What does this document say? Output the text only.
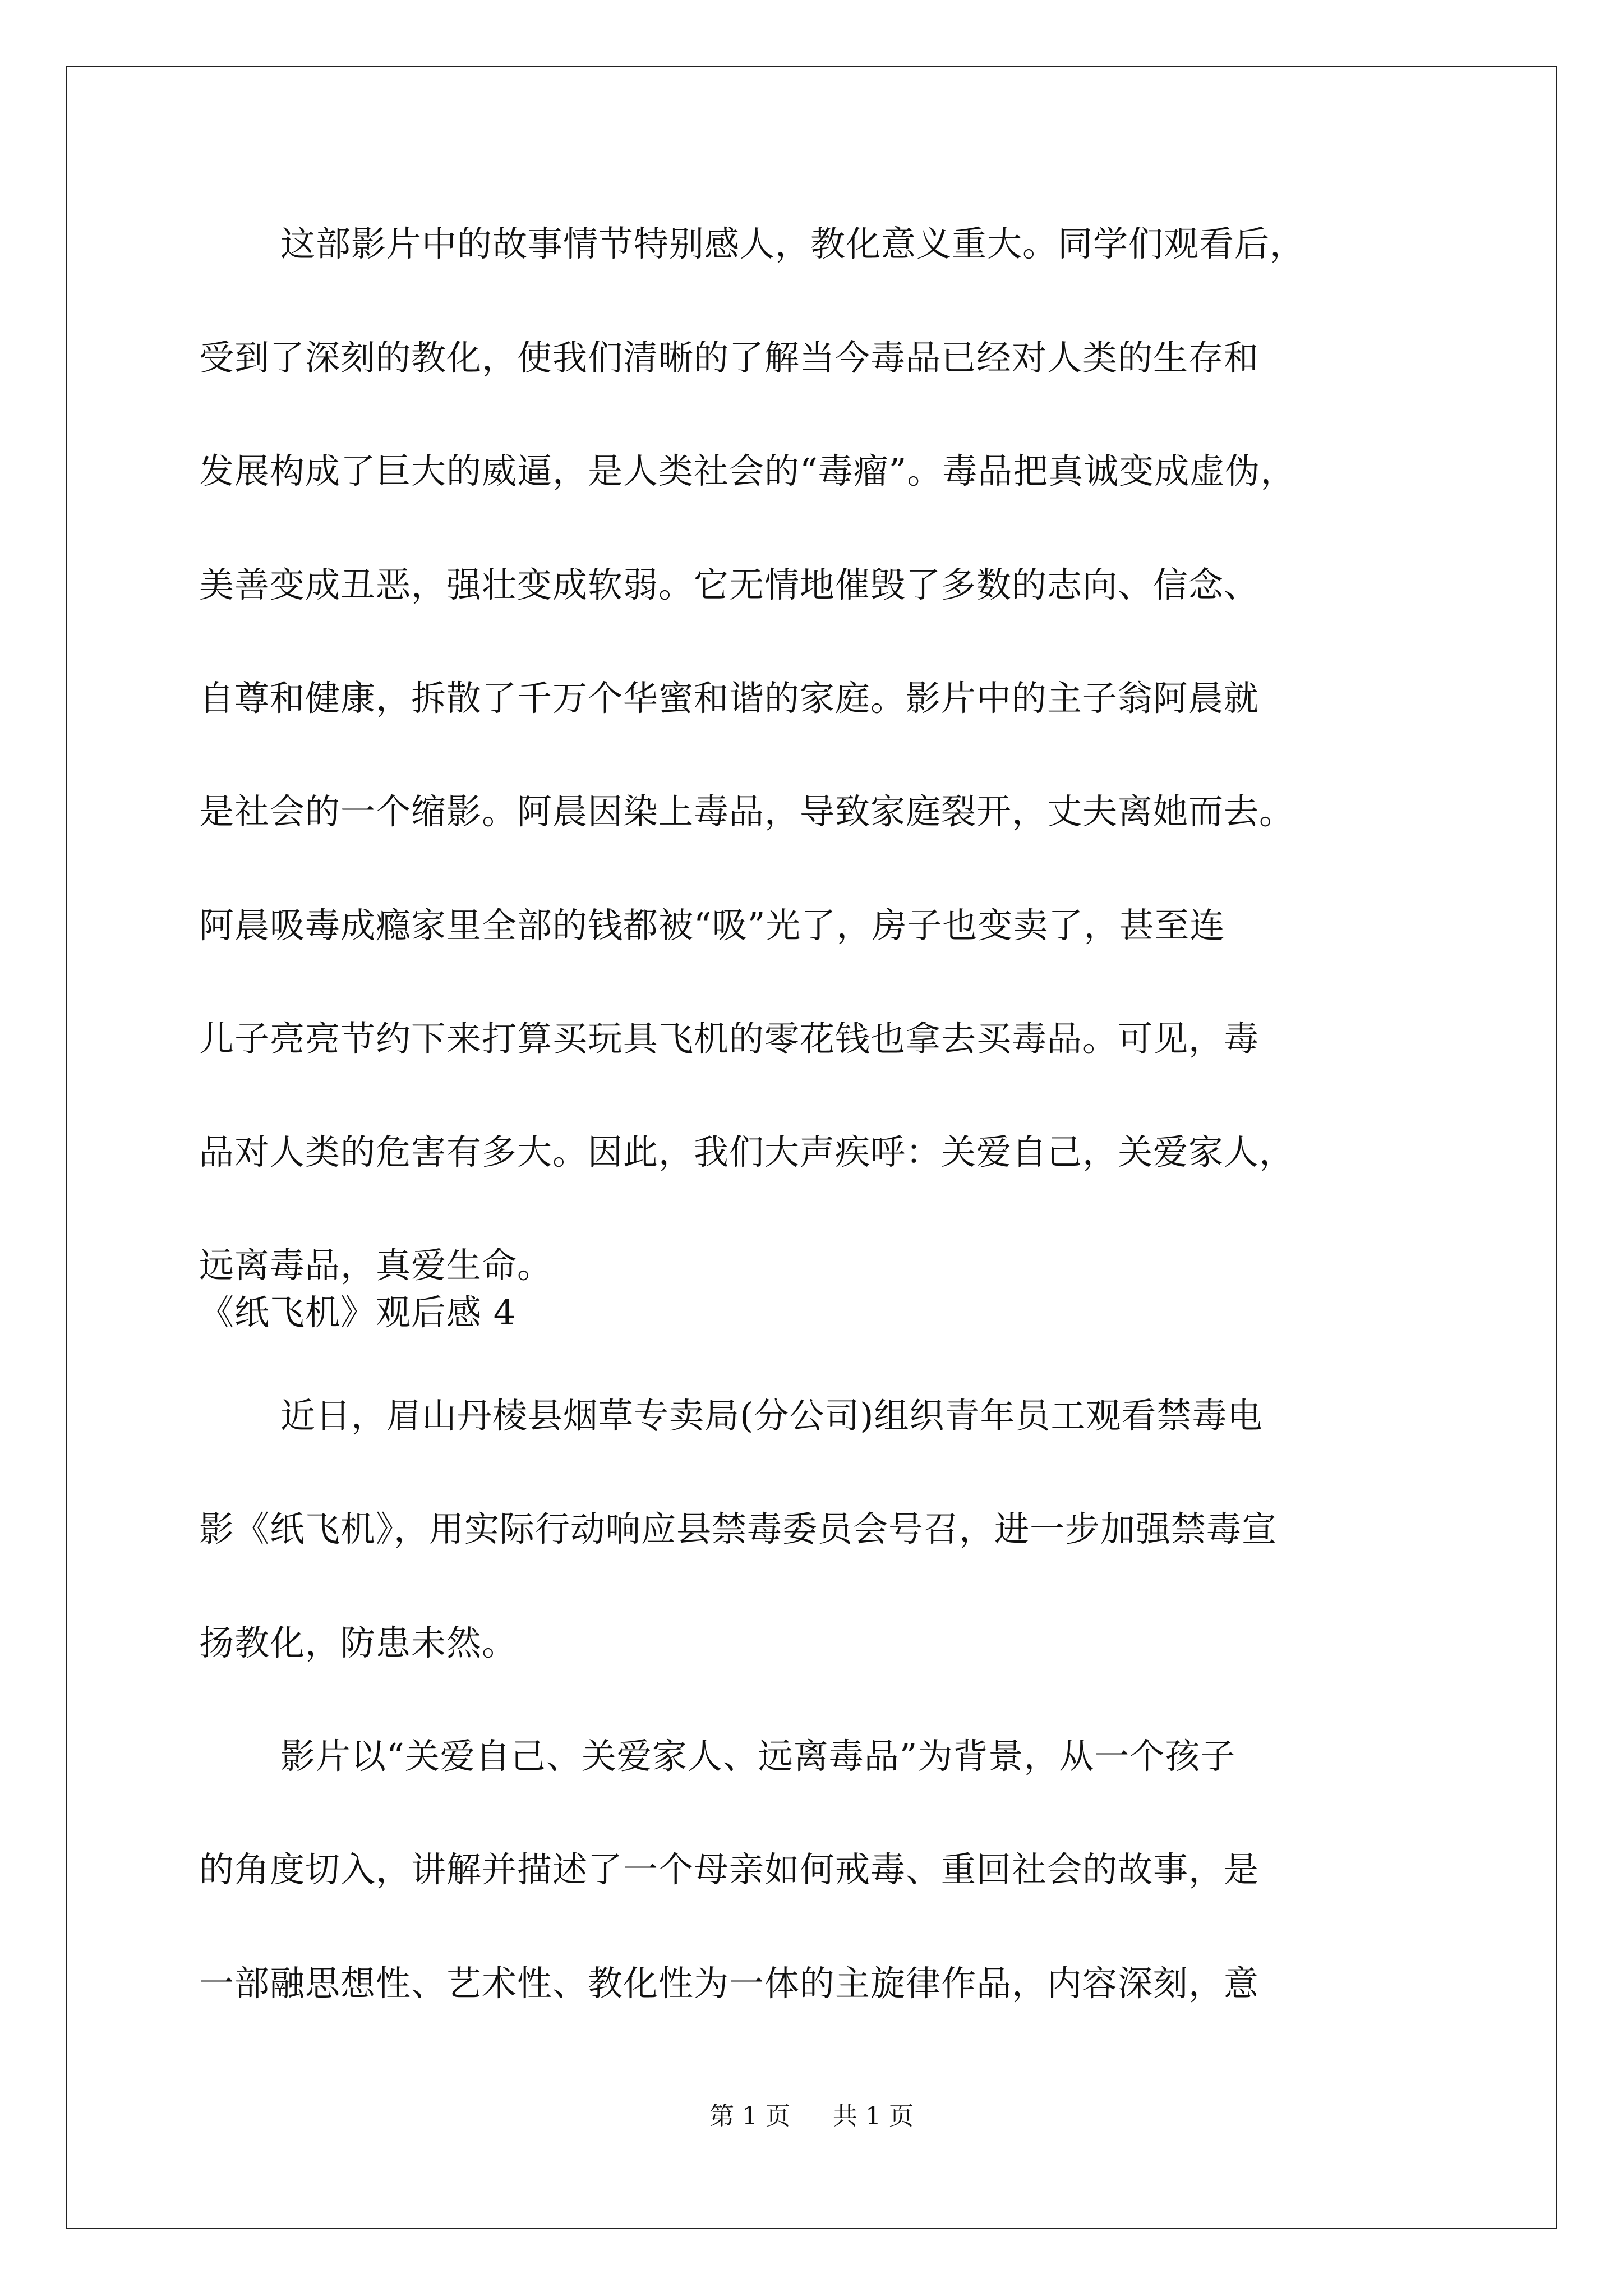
这部影片中的故事情节特别感人，教化意义重大。同学们观看后，
受到了深刻的教化，使我们清晰的了解当今毒品已经对人类的生存和
发展构成了巨大的威逼，是人类社会的“毒瘤”。毒品把真诚变成虚伪，
美善变成丑恶，强壮变成软弱。它无情地催毁了多数的志向、信念、
自尊和健康，拆散了千万个华蜜和谐的家庭。影片中的主子翁阿晨就
是社会的一个缩影。阿晨因染上毒品，导致家庭裂开，丈夫离她而去。
阿晨吸毒成瘾家里全部的钱都被“吸”光了，房子也变卖了，甚至连
儿子亮亮节约下来打算买玩具飞机的零花钱也拿去买毒品。可见，毒
品对人类的危害有多大。因此，我们大声疾呼：关爱自己，关爱家人，
远离毒品，真爱生命。
《纸飞机》观后感 4
近日，眉山丹棱县烟草专卖局(分公司)组织青年员工观看禁毒电
影《纸飞机》，用实际行动响应县禁毒委员会号召，进一步加强禁毒宣
扬教化，防患未然。
影片以“关爱自己、关爱家人、远离毒品”为背景，从一个孩子
的角度切入，讲解并描述了一个母亲如何戒毒、重回社会的故事，是
一部融思想性、艺术性、教化性为一体的主旋律作品，内容深刻，意
第 1 页 共 1 页
